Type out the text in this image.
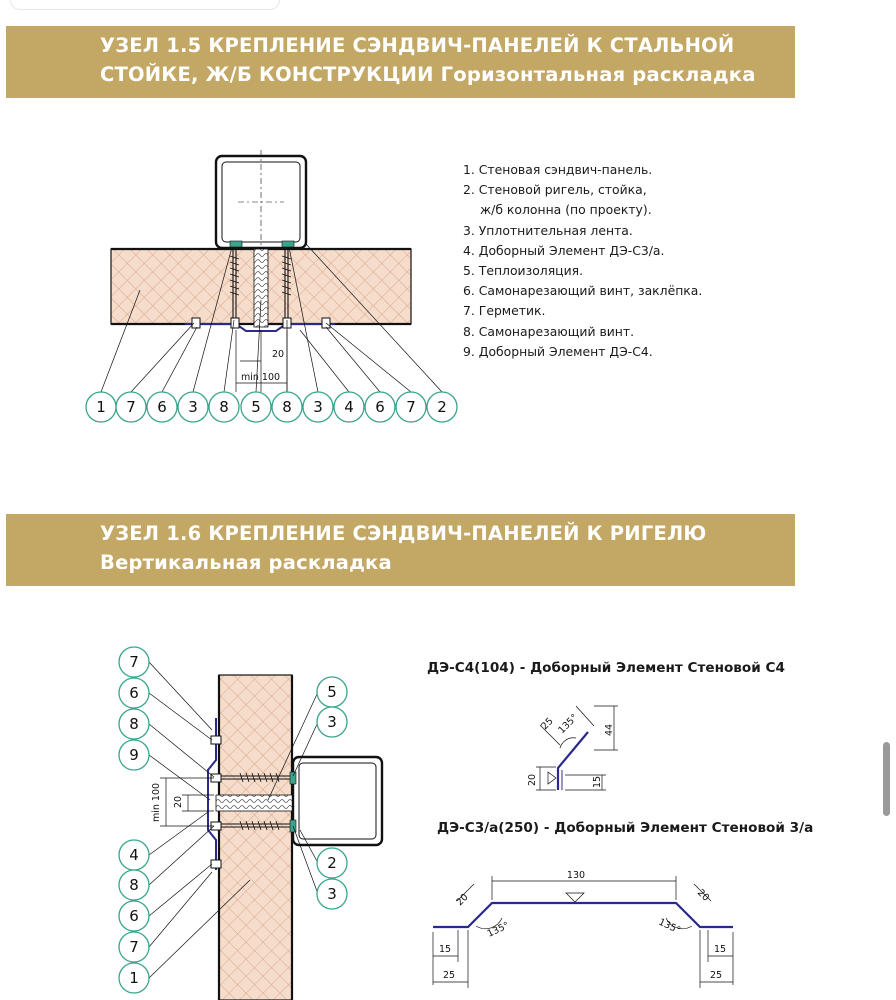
УЗЕЛ 1.5 КРЕПЛЕНИЕ СЭНДВИЧ-ПАНЕЛЕЙ К СТАЛЬНОЙ
СТОЙКЕ, Ж/Б КОНСТРУКЦИИ Горизонтальная раскладка
1. Стеновая сэндвич-панель.
2. Стеновой ригель, стойка,
ж/б колонна (по проекту).
3. Уплотнительная лента.
4. Доборный Элемент ДЭ-С3/а.
5. Теплоизоляция.
6. Самонарезающий винт, заклёпка.
7. Герметик.
8. Самонарезающий винт.
9. Доборный Элемент ДЭ-С4.
УЗЕЛ 1.6 КРЕПЛЕНИЕ СЭНДВИЧ-ПАНЕЛЕЙ К РИГЕЛЮ
Вертикальная раскладка
ДЭ-С4(104) - Доборный Элемент Стеновой С4
ДЭ-С3/а(250) - Доборный Элемент Стеновой 3/а
20
min 100
1 7 6 3 8 5 8 3 4 6 7 2
min 100 20
7
6
8
9
4
8
6
7
1
5
3
2
3
25 135° 44
20	15
130
20
135°	135°
20
15	15
25	25
